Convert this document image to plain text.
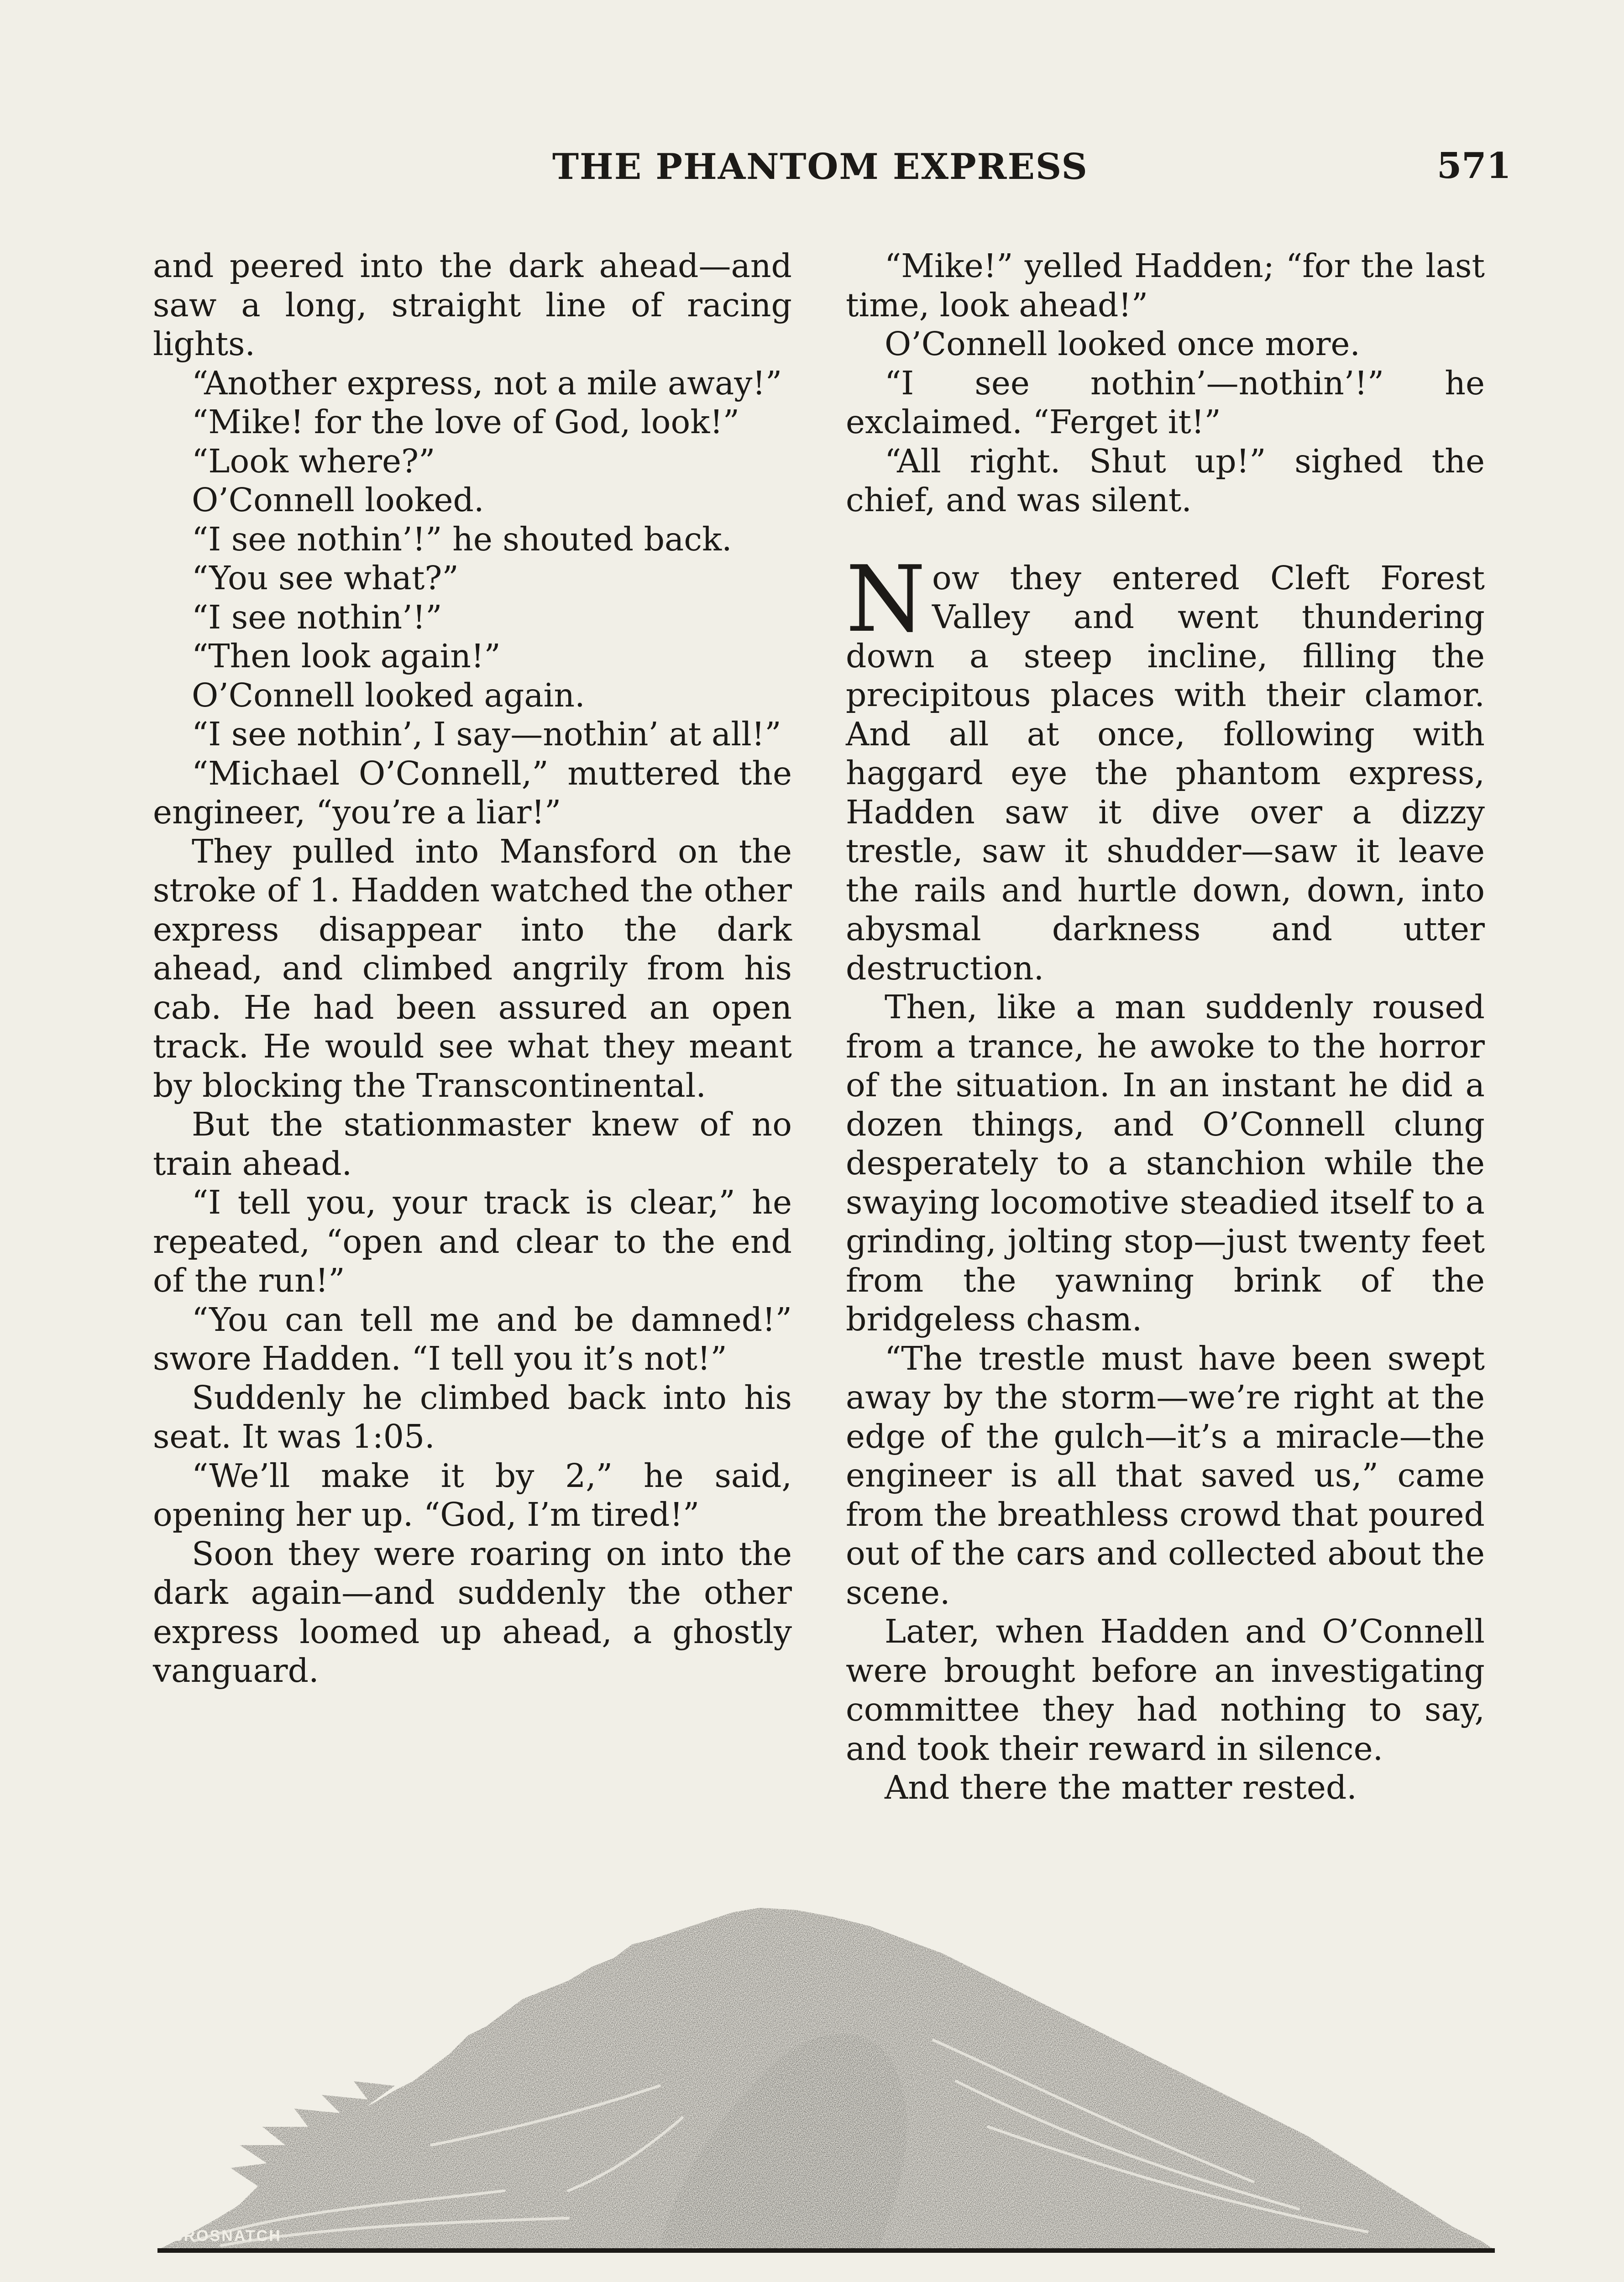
THE PHANTOM EXPRESS	571

and peered into the dark ahead—and saw a long, straight line of racing lights.

“Another express, not a mile away!”

“Mike! for the love of God, look!”

“Look where?”

O’Connell looked.

“I see nothin’!” he shouted back.

“You see what?”

“I see nothin’!”

“Then look again!”

O’Connell looked again.

“I see nothin’, I say—nothin’ at all!”

“Michael O’Connell,” muttered the engineer, “you’re a liar!”

They pulled into Mansford on the stroke of 1. Hadden watched the other express disappear into the dark ahead, and climbed angrily from his cab. He had been assured an open track. He would see what they meant by blocking the Transcontinental.

But the stationmaster knew of no train ahead.

“I tell you, your track is clear,” he repeated, “open and clear to the end of the run!”

“You can tell me and be damned!” swore Hadden. “I tell you it’s not!”

Suddenly he climbed back into his seat. It was 1:05.

“We’ll make it by 2,” he said, opening her up. “God, I’m tired!”

Soon they were roaring on into the dark again—and suddenly the other express loomed up ahead, a ghostly vanguard.

“Mike!” yelled Hadden; “for the last time, look ahead!”

O’Connell looked once more.

“I see nothin’—nothin’!” he exclaimed. “Ferget it!”

“All right. Shut up!” sighed the chief, and was silent.

Now they entered Cleft Forest Valley and went thundering down a steep incline, filling the precipitous places with their clamor. And all at once, following with haggard eye the phantom express, Hadden saw it dive over a dizzy trestle, saw it shudder—saw it leave the rails and hurtle down, down, into abysmal darkness and utter destruction.

Then, like a man suddenly roused from a trance, he awoke to the horror of the situation. In an instant he did a dozen things, and O’Connell clung desperately to a stanchion while the swaying locomotive steadied itself to a grinding, jolting stop—just twenty feet from the yawning brink of the bridgeless chasm.

“The trestle must have been swept away by the storm—we’re right at the edge of the gulch—it’s a miracle—the engineer is all that saved us,” came from the breathless crowd that poured out of the cars and collected about the scene.

Later, when Hadden and O’Connell were brought before an investigating committee they had nothing to say, and took their reward in silence.

And there the matter rested.

BROSNATCH
